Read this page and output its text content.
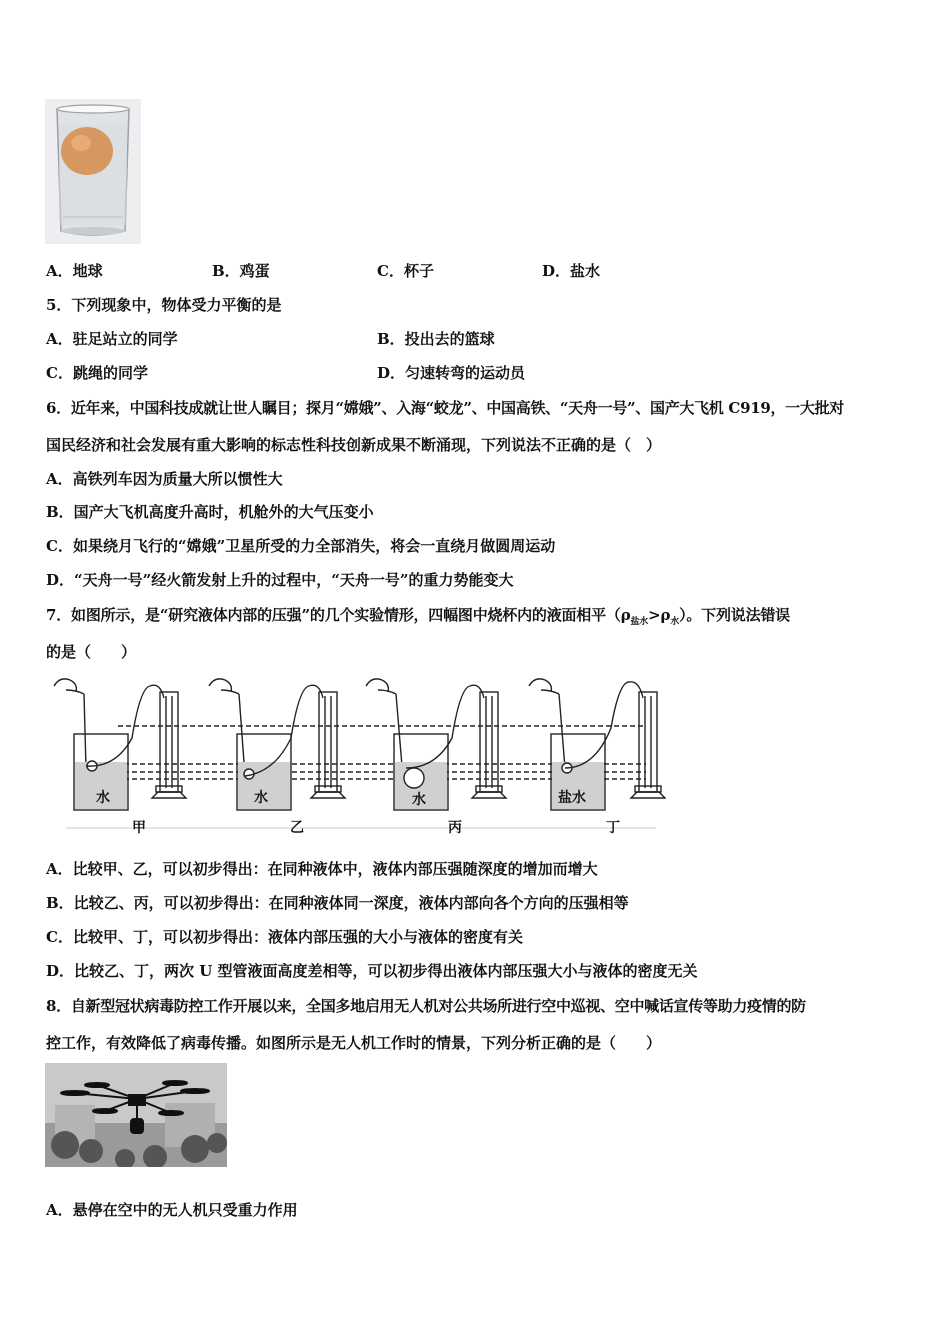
A．地球	B．鸡蛋	C．杯子	D．盐水
5．下列现象中，物体受力平衡的是
A．驻足站立的同学	B．投出去的篮球
C．跳绳的同学	D．匀速转弯的运动员
6．近年来，中国科技成就让世人瞩目；探月“嫦娥”、入海“蛟龙”、中国高铁、“天舟一号”、国产大飞机 C919，一大批对
国民经济和社会发展有重大影响的标志性科技创新成果不断涌现，下列说法不正确的是（　）
A．高铁列车因为质量大所以惯性大
B．国产大飞机高度升高时，机舱外的大气压变小
C．如果绕月飞行的“嫦娥”卫星所受的力全部消失，将会一直绕月做圆周运动
D．“天舟一号”经火箭发射上升的过程中，“天舟一号”的重力势能变大
7．如图所示，是“研究液体内部的压强”的几个实验情形，四幅图中烧杯内的液面相平$(\rho_{盐水}>\rho_水)$。下列说法错误
的是（　　）
水	水	水	盐水
甲	乙	丙	丁
A．比较甲、乙，可以初步得出：在同种液体中，液体内部压强随深度的增加而增大
B．比较乙、丙，可以初步得出：在同种液体同一深度，液体内部向各个方向的压强相等
C．比较甲、丁，可以初步得出：液体内部压强的大小与液体的密度有关
D．比较乙、丁，两次 U 型管液面高度差相等，可以初步得出液体内部压强大小与液体的密度无关
8．自新型冠状病毒防控工作开展以来，全国多地启用无人机对公共场所进行空中巡视、空中喊话宣传等助力疫情的防
控工作，有效降低了病毒传播。如图所示是无人机工作时的情景，下列分析正确的是（　　）
A．悬停在空中的无人机只受重力作用
